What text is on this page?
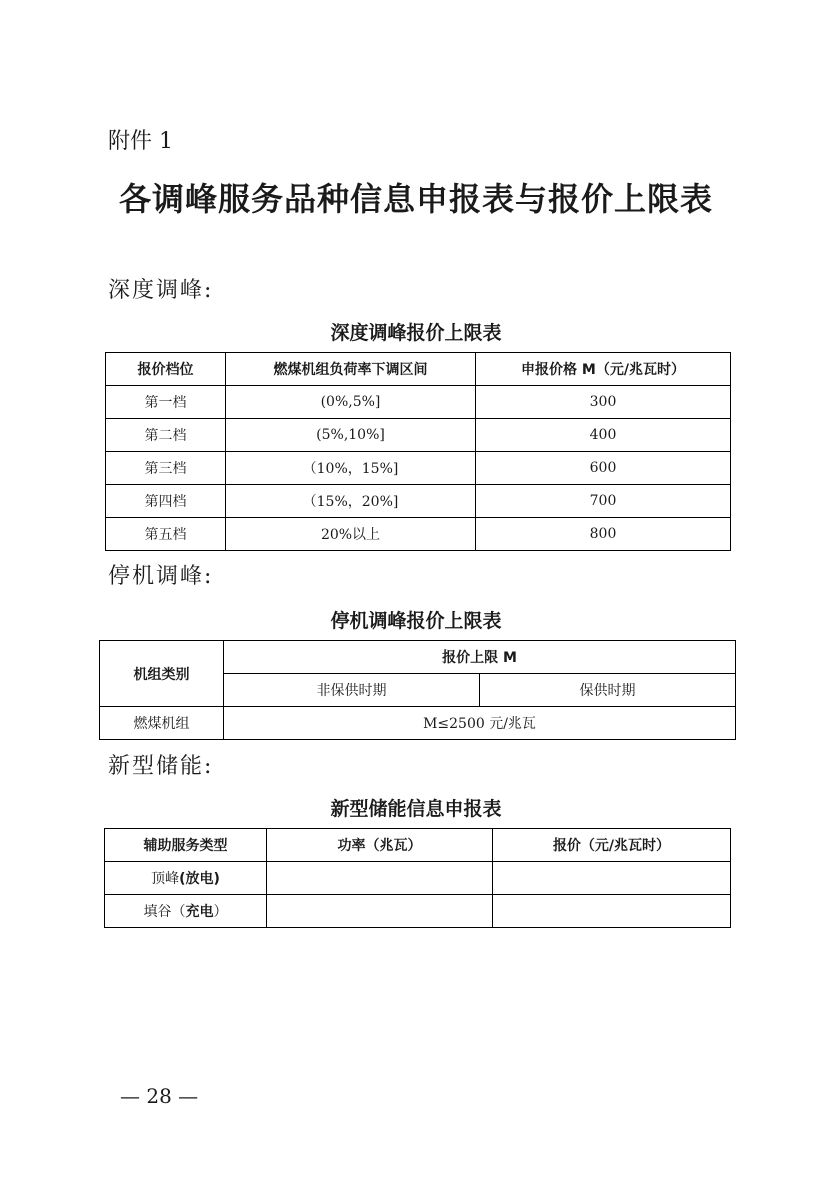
附件 1
各调峰服务品种信息申报表与报价上限表
深度调峰:
深度调峰报价上限表
报价档位	燃煤机组负荷率下调区间	申报价格 M（元/兆瓦时）
第一档	(0%,5%]	300
第二档	(5%,10%]	400
第三档	（10%，15%]	600
第四档	（15%，20%]	700
第五档	20%以上	800
停机调峰:
停机调峰报价上限表
机组类别	报价上限 M	
	非保供时期	保供时期
燃煤机组	M≤2500 元/兆瓦	
新型储能:
新型储能信息申报表
辅助服务类型	功率（兆瓦）	报价（元/兆瓦时）
顶峰(放电)		
填谷（充电）		
— 28 —
